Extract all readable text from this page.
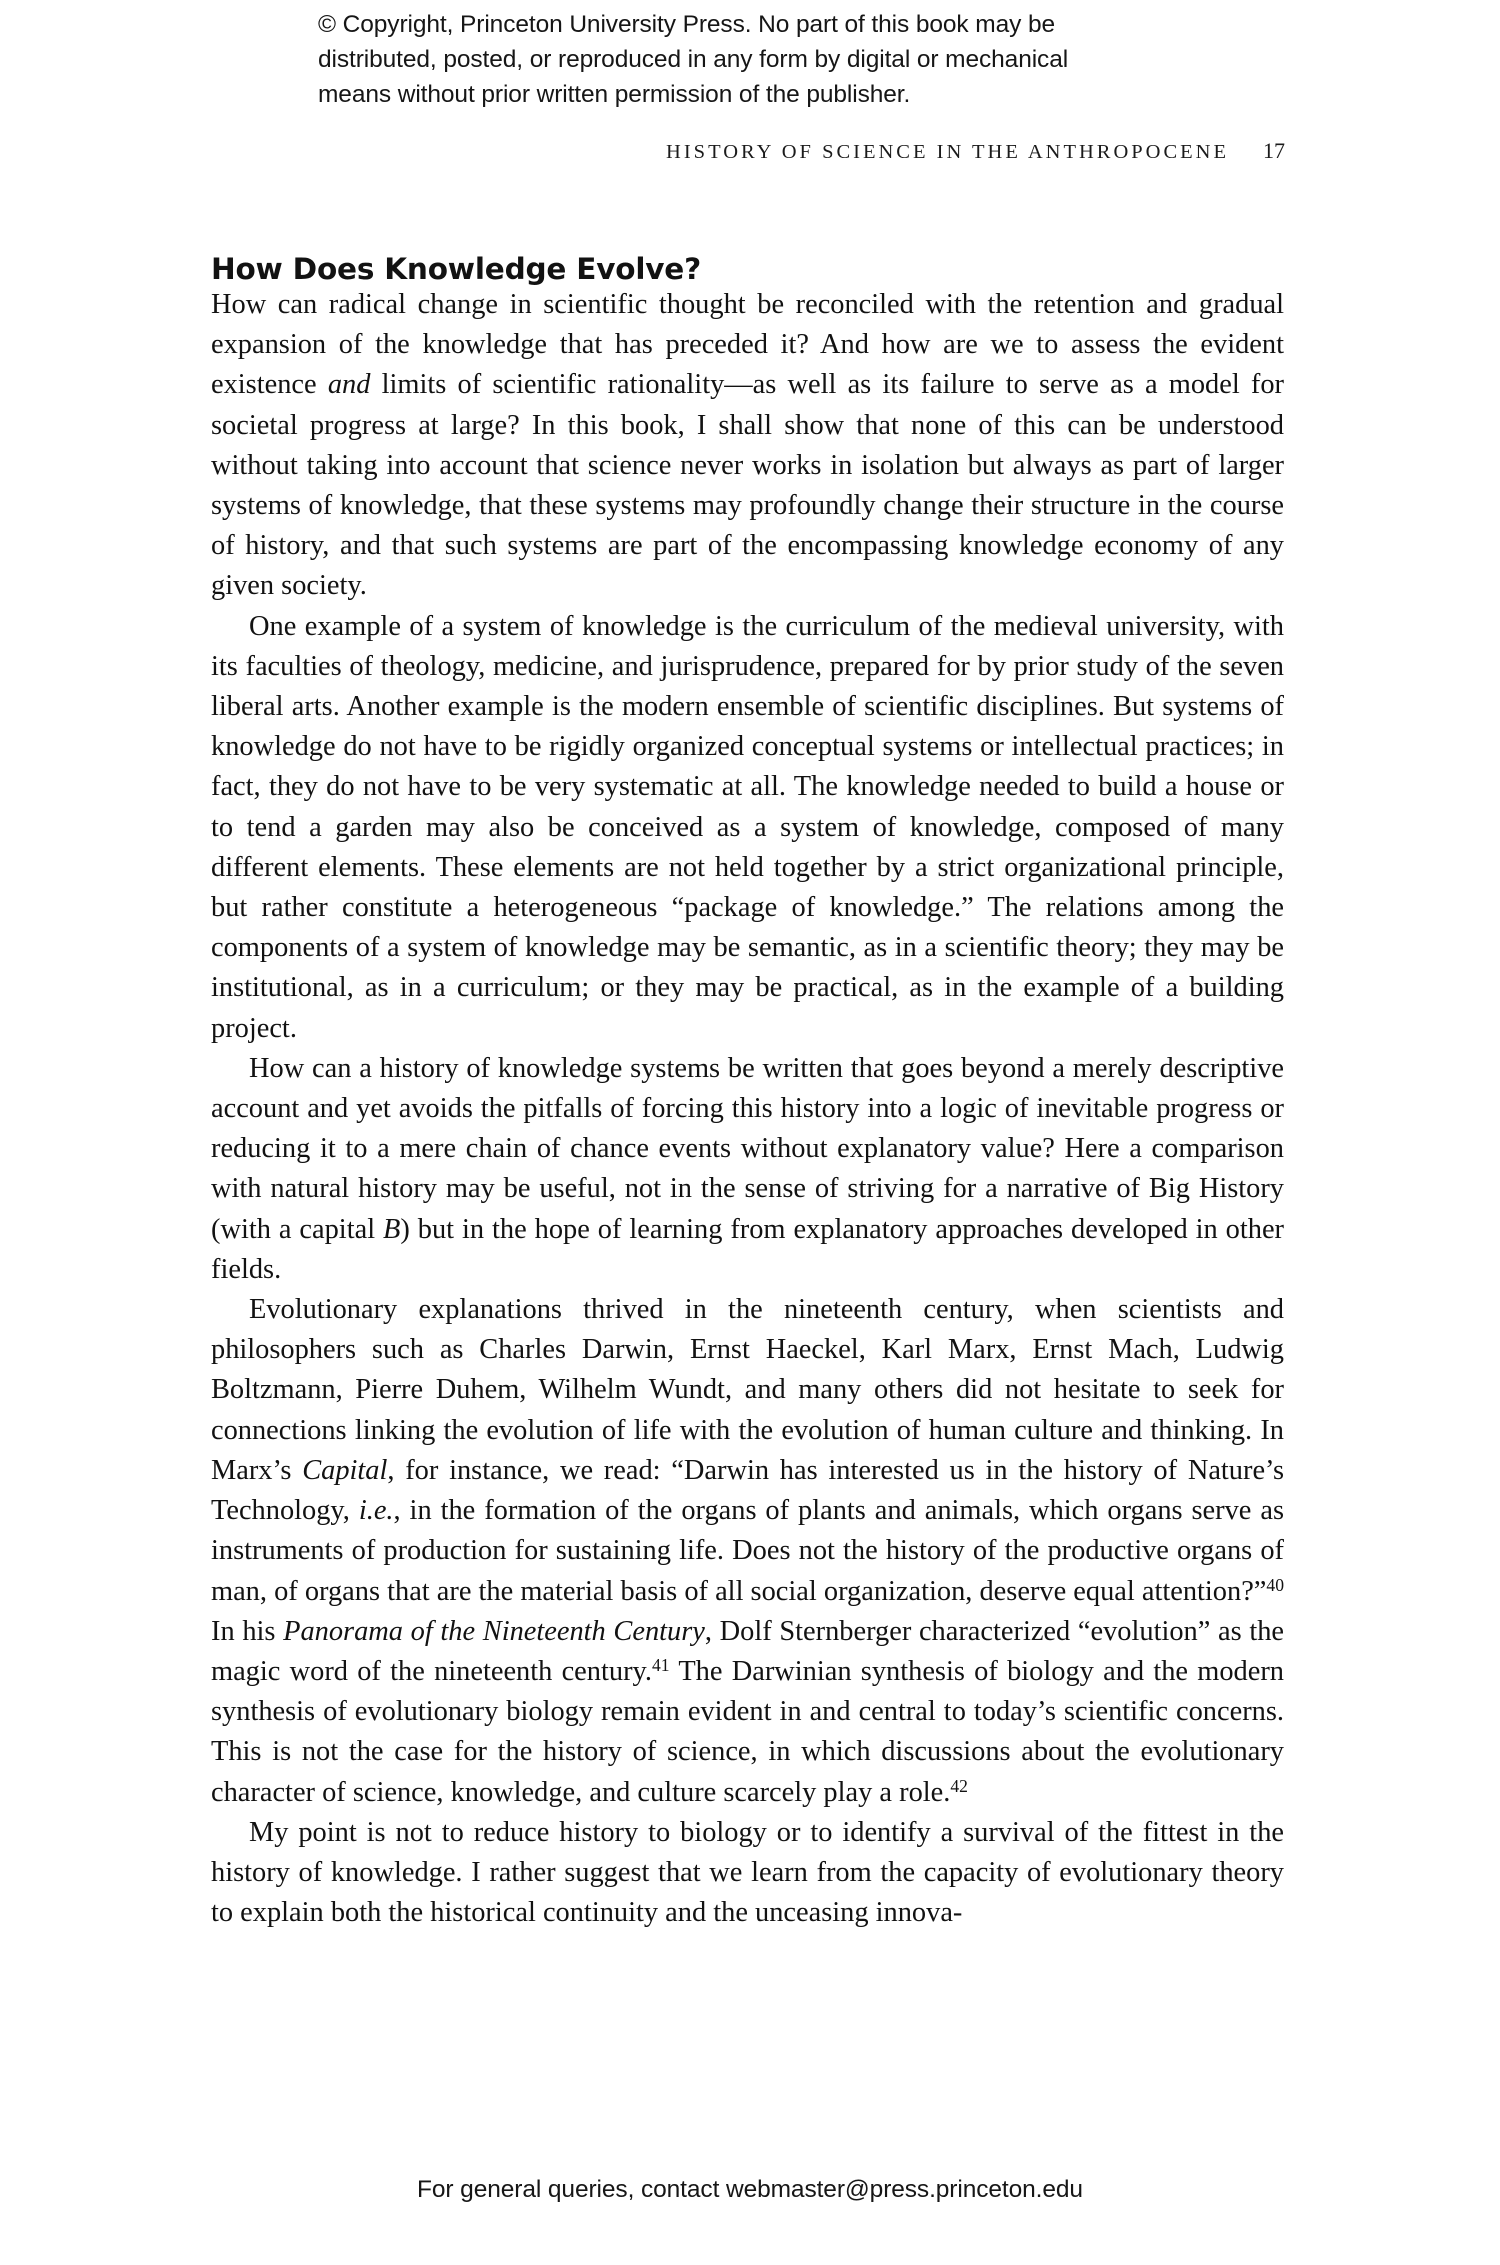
© Copyright, Princeton University Press. No part of this book may be
distributed, posted, or reproduced in any form by digital or mechanical
means without prior written permission of the publisher.
HISTORY OF SCIENCE IN THE ANTHROPOCENE 17
How Does Knowledge Evolve?

How can radical change in scientific thought be reconciled with the retention and gradual expansion of the knowledge that has preceded it? And how are we to assess the evident existence and limits of scientific rationality—as well as its failure to serve as a model for societal progress at large? In this book, I shall show that none of this can be understood without taking into account that science never works in isolation but always as part of larger systems of knowledge, that these systems may profoundly change their structure in the course of history, and that such systems are part of the encompassing knowledge economy of any given society.

One example of a system of knowledge is the curriculum of the medieval university, with its faculties of theology, medicine, and jurisprudence, prepared for by prior study of the seven liberal arts. Another example is the modern ensemble of scientific disciplines. But systems of knowledge do not have to be rigidly organized conceptual systems or intellectual practices; in fact, they do not have to be very systematic at all. The knowledge needed to build a house or to tend a garden may also be conceived as a system of knowledge, composed of many different elements. These elements are not held together by a strict organizational principle, but rather constitute a heterogeneous “package of knowledge.” The relations among the components of a system of knowledge may be semantic, as in a scientific theory; they may be institutional, as in a curriculum; or they may be practical, as in the example of a building project.

How can a history of knowledge systems be written that goes beyond a merely descriptive account and yet avoids the pitfalls of forcing this history into a logic of inevitable progress or reducing it to a mere chain of chance events without explanatory value? Here a comparison with natural history may be useful, not in the sense of striving for a narrative of Big History (with a capital B) but in the hope of learning from explanatory approaches developed in other fields.

Evolutionary explanations thrived in the nineteenth century, when scientists and philosophers such as Charles Darwin, Ernst Haeckel, Karl Marx, Ernst Mach, Ludwig Boltzmann, Pierre Duhem, Wilhelm Wundt, and many others did not hesitate to seek for connections linking the evolution of life with the evolution of human culture and thinking. In Marx’s Capital, for instance, we read: “Darwin has interested us in the history of Nature’s Technology, i.e., in the formation of the organs of plants and animals, which organs serve as instruments of production for sustaining life. Does not the history of the productive organs of man, of organs that are the material basis of all social organization, deserve equal attention?”$^{40}$ In his Panorama of the Nineteenth Century, Dolf Sternberger characterized “evolution” as the magic word of the nineteenth century.$^{41}$ The Darwinian synthesis of biology and the modern synthesis of evolutionary biology remain evident in and central to today’s scientific concerns. This is not the case for the history of science, in which discussions about the evolutionary character of science, knowledge, and culture scarcely play a role.$^{42}$

My point is not to reduce history to biology or to identify a survival of the fittest in the history of knowledge. I rather suggest that we learn from the capacity of evolutionary theory to explain both the historical continuity and the unceasing innova-

For general queries, contact webmaster@press.princeton.edu
